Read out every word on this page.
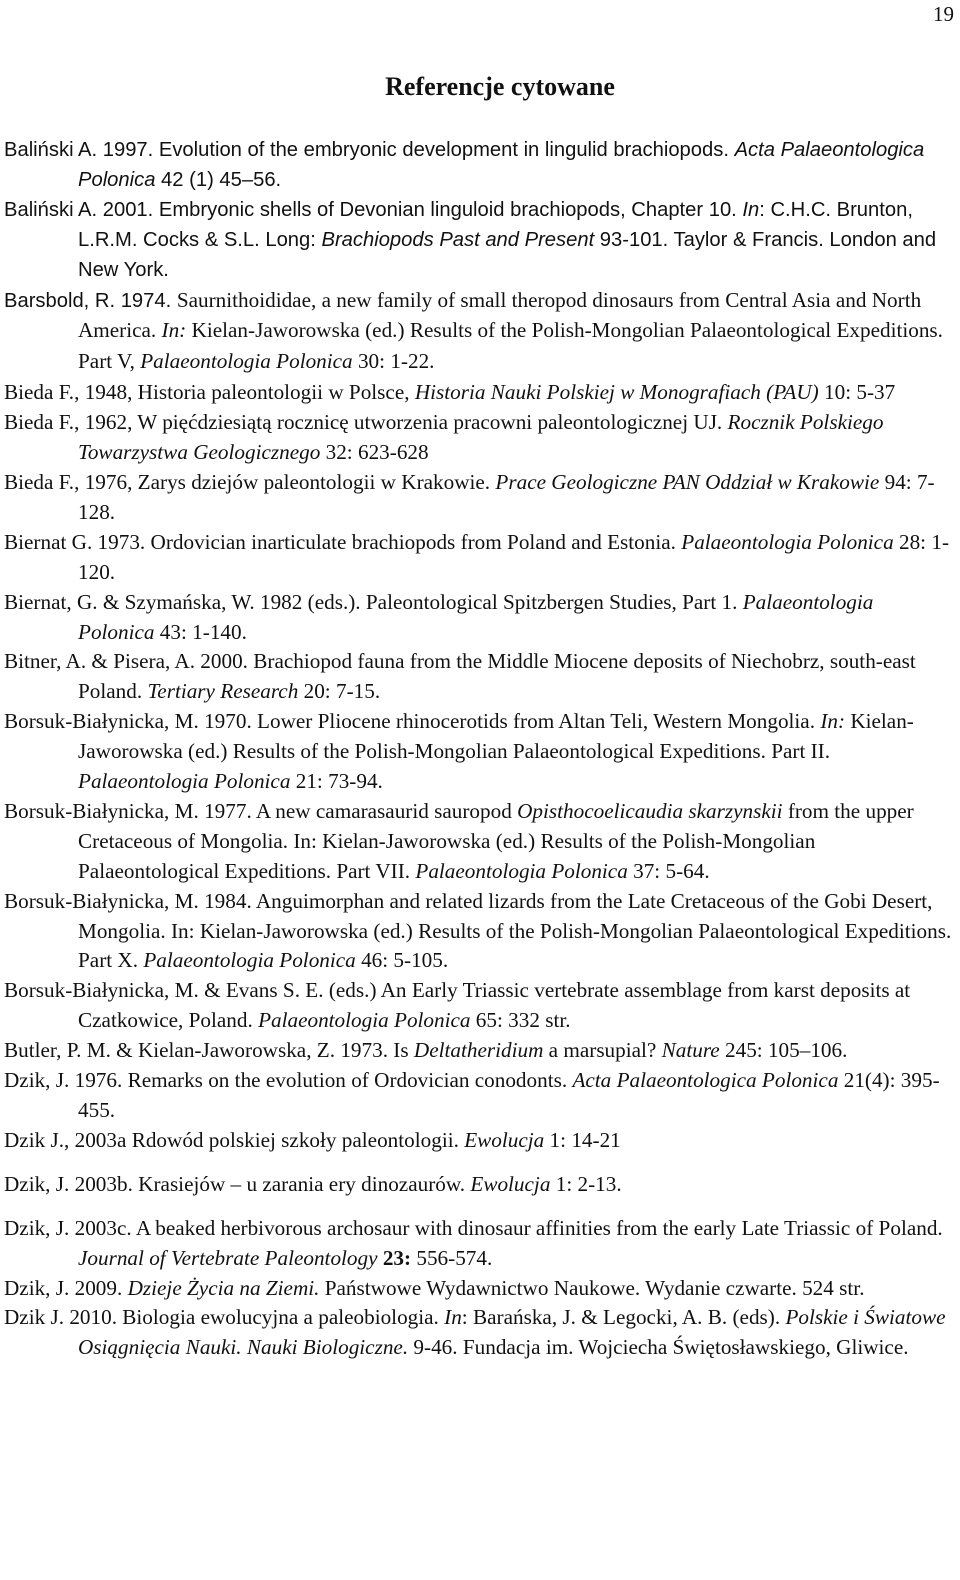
19
Referencje cytowane

Baliński A. 1997. Evolution of the embryonic development in lingulid brachiopods. Acta Palaeontologica Polonica 42 (1) 45–56.

Baliński A. 2001. Embryonic shells of Devonian linguloid brachiopods, Chapter 10. In: C.H.C. Brunton, L.R.M. Cocks & S.L. Long: Brachiopods Past and Present 93-101. Taylor & Francis. London and New York.

Barsbold, R. 1974. Saurnithoididae, a new family of small theropod dinosaurs from Central Asia and North America. In: Kielan-Jaworowska (ed.) Results of the Polish-Mongolian Palaeontological Expeditions. Part V, Palaeontologia Polonica 30: 1-22.

Bieda F., 1948, Historia paleontologii w Polsce, Historia Nauki Polskiej w Monografiach (PAU) 10: 5-37

Bieda F., 1962, W pięćdziesiątą rocznicę utworzenia pracowni paleontologicznej UJ. Rocznik Polskiego Towarzystwa Geologicznego 32: 623-628

Bieda F., 1976, Zarys dziejów paleontologii w Krakowie. Prace Geologiczne PAN Oddział w Krakowie 94: 7-128.

Biernat G. 1973. Ordovician inarticulate brachiopods from Poland and Estonia. Palaeontologia Polonica 28: 1-120.

Biernat, G. & Szymańska, W. 1982 (eds.). Paleontological Spitzbergen Studies, Part 1. Palaeontologia Polonica 43: 1-140.

Bitner, A. & Pisera, A. 2000. Brachiopod fauna from the Middle Miocene deposits of Niechobrz, south-east Poland. Tertiary Research 20: 7-15.

Borsuk-Białynicka, M. 1970. Lower Pliocene rhinocerotids from Altan Teli, Western Mongolia. In: Kielan-Jaworowska (ed.) Results of the Polish-Mongolian Palaeontological Expeditions. Part II. Palaeontologia Polonica 21: 73-94.

Borsuk-Białynicka, M. 1977. A new camarasaurid sauropod Opisthocoelicaudia skarzynskii from the upper Cretaceous of Mongolia. In: Kielan-Jaworowska (ed.) Results of the Polish-Mongolian Palaeontological Expeditions. Part VII. Palaeontologia Polonica 37: 5-64.

Borsuk-Białynicka, M. 1984. Anguimorphan and related lizards from the Late Cretaceous of the Gobi Desert, Mongolia. In: Kielan-Jaworowska (ed.) Results of the Polish-Mongolian Palaeontological Expeditions. Part X. Palaeontologia Polonica 46: 5-105.

Borsuk-Białynicka, M. & Evans S. E. (eds.) An Early Triassic vertebrate assemblage from karst deposits at Czatkowice, Poland. Palaeontologia Polonica 65: 332 str.

Butler, P. M. & Kielan-Jaworowska, Z. 1973. Is Deltatheridium a marsupial? Nature 245: 105–106.

Dzik, J. 1976. Remarks on the evolution of Ordovician conodonts. Acta Palaeontologica Polonica 21(4): 395-455.

Dzik J., 2003a Rdowód polskiej szkoły paleontologii. Ewolucja 1: 14-21

Dzik, J. 2003b. Krasiejów – u zarania ery dinozaurów. Ewolucja 1: 2-13.

Dzik, J. 2003c. A beaked herbivorous archosaur with dinosaur affinities from the early Late Triassic of Poland. Journal of Vertebrate Paleontology 23: 556-574.

Dzik, J. 2009. Dzieje Życia na Ziemi. Państwowe Wydawnictwo Naukowe. Wydanie czwarte. 524 str.

Dzik J. 2010. Biologia ewolucyjna a paleobiologia. In: Barańska, J. & Legocki, A. B. (eds). Polskie i Światowe Osiągnięcia Nauki. Nauki Biologiczne. 9-46. Fundacja im. Wojciecha Świętosławskiego, Gliwice.
